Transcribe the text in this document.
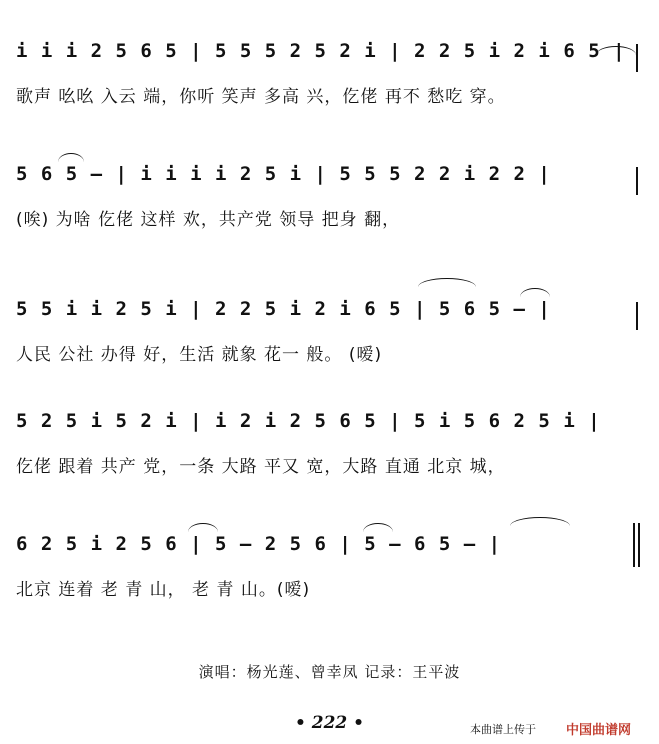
i i i 2 5 6 5 | 5 5 5 2 5 2 i | 2 2 5 i 2 i 6 5 |
歌声 吆吆 入云 端，你听 笑声 多高 兴，仡佬 再不 愁吃 穿。
5 6 5 – | i i i i 2 5 i | 5 5 5 2 2 i 2 2 |
(唉) 为啥 仡佬 这样 欢，共产党 领导 把身 翻，
5 5 i i 2 5 i | 2 2 5 i 2 i 6 5 | 5 6 5 – |
人民 公社 办得 好，生活 就象 花一 般。 (嗳)
5 2 5 i 5 2 i | i 2 i 2 5 6 5 | 5 i 5 6 2 5 i |
仡佬 跟着 共产 党，一条 大路 平又 宽，大路 直通 北京 城，
6 2 5 i 2 5 6 | 5 – 2 5 6 | 5 – 6 5 – |
北京 连着 老 青 山， 老 青 山。(嗳)
演唱：杨光莲、曾幸凤 记录：王平波
• 222 •	本曲谱上传于 中国曲谱网
